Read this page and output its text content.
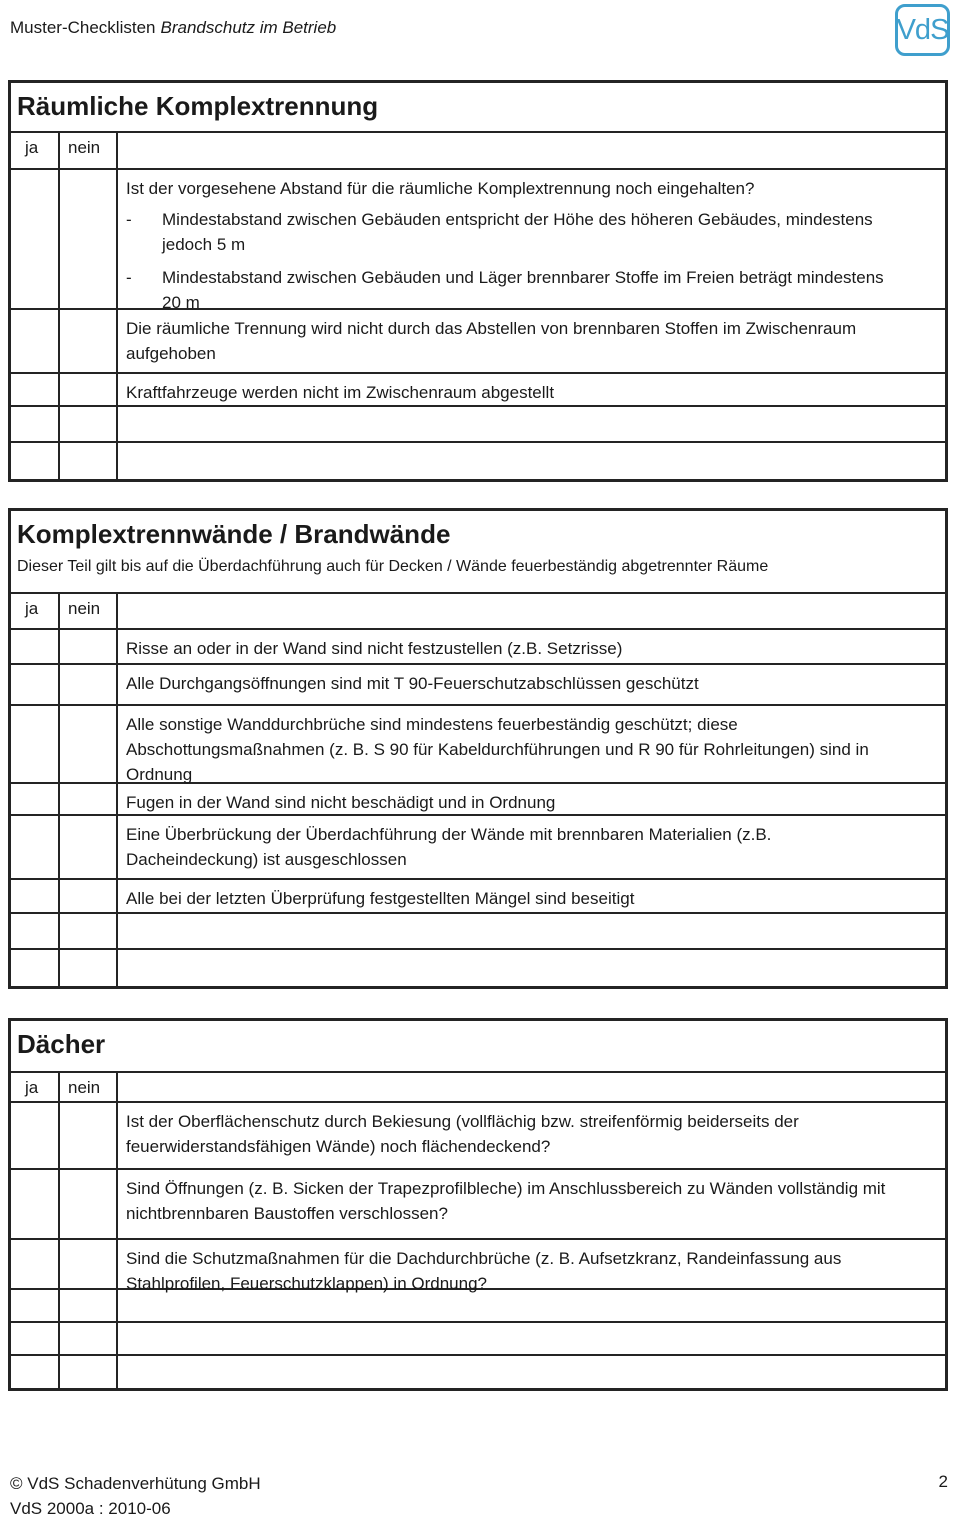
Muster-Checklisten Brandschutz im Betrieb	VdS
Räumliche Komplextrennung
ja	nein

Ist der vorgesehene Abstand für die räumliche Komplextrennung noch eingehalten?

-	Mindestabstand zwischen Gebäuden entspricht der Höhe des höheren Gebäudes, mindestens jedoch 5 m
-	Mindestabstand zwischen Gebäuden und Läger brennbarer Stoffe im Freien beträgt mindestens 20 m

Die räumliche Trennung wird nicht durch das Abstellen von brennbaren Stoffen im Zwischenraum aufgehoben

Kraftfahrzeuge werden nicht im Zwischenraum abgestellt

Komplextrennwände / Brandwände
Dieser Teil gilt bis auf die Überdachführung auch für Decken / Wände feuerbeständig abgetrennter Räume
ja	nein

Risse an oder in der Wand sind nicht festzustellen (z.B. Setzrisse)

Alle Durchgangsöffnungen sind mit T 90-Feuerschutzabschlüssen geschützt

Alle sonstige Wanddurchbrüche sind mindestens feuerbeständig geschützt; diese Abschottungsmaßnahmen (z. B. S 90 für Kabeldurchführungen und R 90 für Rohrleitungen) sind in Ordnung

Fugen in der Wand sind nicht beschädigt und in Ordnung

Eine Überbrückung der Überdachführung der Wände mit brennbaren Materialien (z.B. Dacheindeckung) ist ausgeschlossen

Alle bei der letzten Überprüfung festgestellten Mängel sind beseitigt

Dächer
ja	nein

Ist der Oberflächenschutz durch Bekiesung (vollflächig bzw. streifenförmig beiderseits der feuerwiderstandsfähigen Wände) noch flächendeckend?

Sind Öffnungen (z. B. Sicken der Trapezprofilbleche) im Anschlussbereich zu Wänden vollständig mit nichtbrennbaren Baustoffen verschlossen?

Sind die Schutzmaßnahmen für die Dachdurchbrüche (z. B. Aufsetzkranz, Randeinfassung aus Stahlprofilen, Feuerschutzklappen) in Ordnung?

© VdS Schadenverhütung GmbH
VdS 2000a : 2010-06
2
